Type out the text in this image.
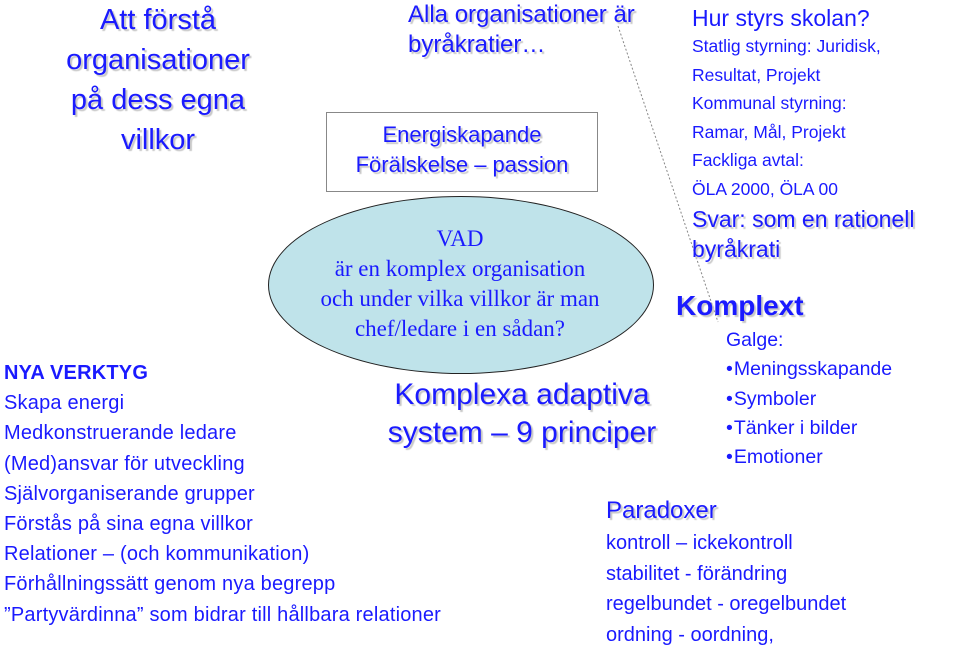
Att förstå
organisationer
på dess egna
villkor
Alla organisationer är
byråkratier…
Energiskapande
Förälskelse – passion
VAD
är en komplex organisation
och under vilka villkor är man
chef/ledare i en sådan?
Komplexa adaptiva
system – 9 principer
NYA VERKTYG
Skapa energi
Medkonstruerande ledare
(Med)ansvar för utveckling
Självorganiserande grupper
Förstås på sina egna villkor
Relationer – (och kommunikation)
Förhållningssätt genom nya begrepp
”Partyvärdinna” som bidrar till hållbara relationer
Hur styrs skolan?
Statlig styrning: Juridisk,
Resultat, Projekt
Kommunal styrning:
Ramar, Mål, Projekt
Fackliga avtal:
ÖLA 2000, ÖLA 00
Svar: som en rationell
byråkrati
Komplext
Galge:
• Meningsskapande
• Symboler
• Tänker i bilder
• Emotioner
Paradoxer
kontroll – ickekontroll
stabilitet - förändring
regelbundet - oregelbundet
ordning - oordning,
